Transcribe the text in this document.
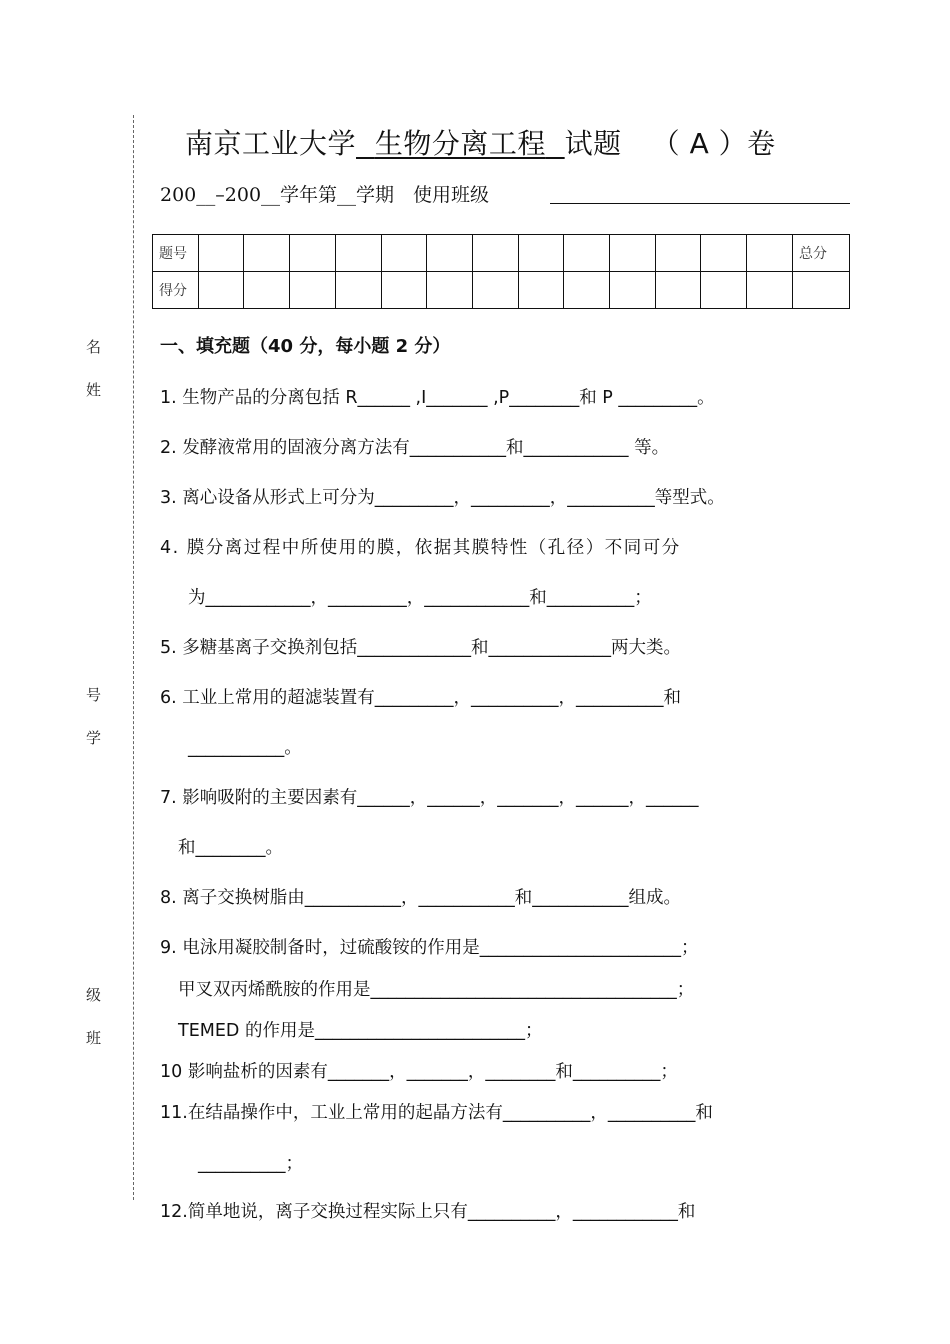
名
姓
号
学
级
班
南京工业大学 生物分离工程 试题 （ A ）卷
200__–200__学年第__学期　使用班级
题号														总分
得分														
一、填充题（40 分，每小题 2 分）
1. 生物产品的分离包括 R______ ,I_______ ,P________和 P _________。
2. 发酵液常用的固液分离方法有___________和____________ 等。
3. 离心设备从形式上可分为_________，_________，__________等型式。
4. 膜分离过程中所使用的膜，依据其膜特性（孔径）不同可分
为____________，_________，____________和__________；
5. 多糖基离子交换剂包括_____________和______________两大类。
6. 工业上常用的超滤装置有_________，__________，__________和
___________。
7. 影响吸附的主要因素有______，______，_______，______，______
和________。
8. 离子交换树脂由___________，___________和___________组成。
9. 电泳用凝胶制备时，过硫酸铵的作用是_______________________；
甲叉双丙烯酰胺的作用是___________________________________；
TEMED 的作用是________________________；
10 影响盐析的因素有_______，_______，________和__________；
11.在结晶操作中，工业上常用的起晶方法有__________，__________和
__________；
12.简单地说，离子交换过程实际上只有__________，____________和
